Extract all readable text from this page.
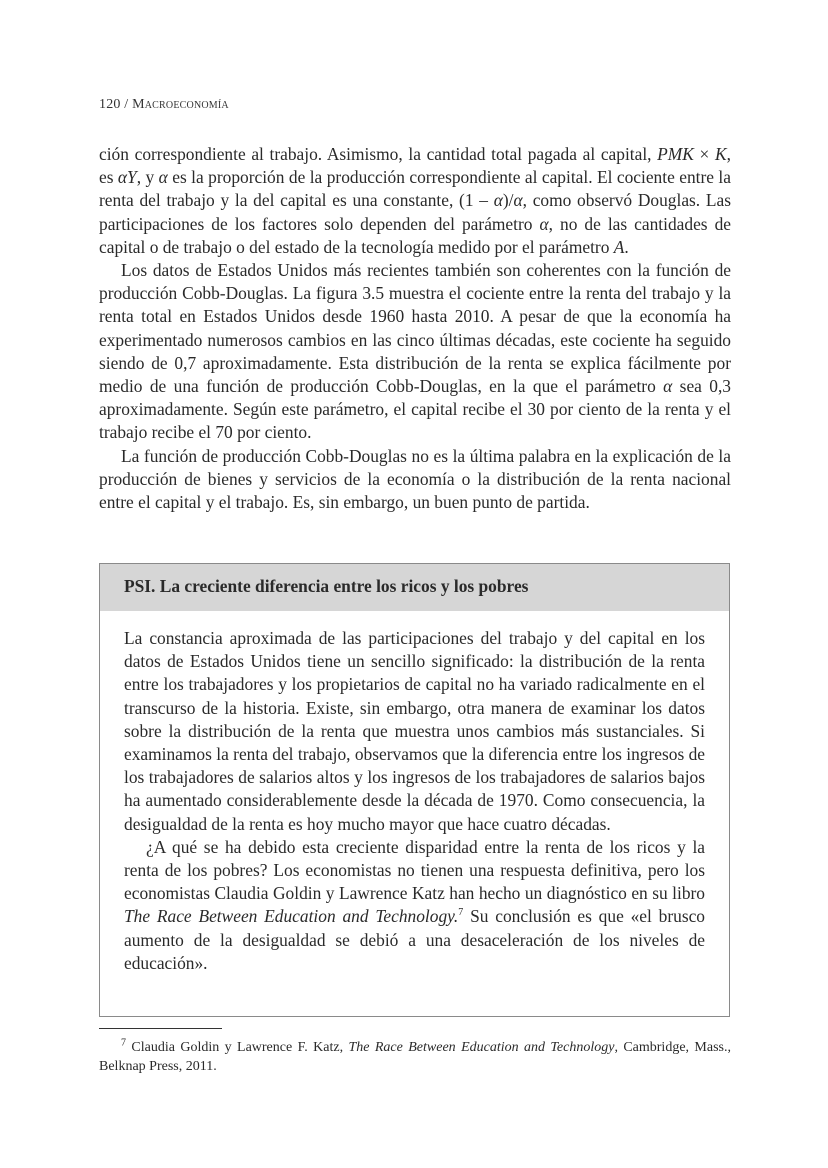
120 / Macroeconomía

ción correspondiente al trabajo. Asimismo, la cantidad total pagada al capital, PMK × K, es αY, y α es la proporción de la producción correspondiente al capital. El cociente entre la renta del trabajo y la del capital es una constante, (1 – α)/α, como observó Douglas. Las participaciones de los factores solo dependen del parámetro α, no de las cantidades de capital o de trabajo o del estado de la tecnología medido por el parámetro A.

Los datos de Estados Unidos más recientes también son coherentes con la función de producción Cobb-Douglas. La figura 3.5 muestra el cociente entre la renta del trabajo y la renta total en Estados Unidos desde 1960 hasta 2010. A pesar de que la economía ha experimentado numerosos cambios en las cinco últimas décadas, este cociente ha seguido siendo de 0,7 aproximadamente. Esta distribución de la renta se explica fácilmente por medio de una función de producción Cobb-Douglas, en la que el parámetro α sea 0,3 aproximadamente. Según este parámetro, el capital recibe el 30 por ciento de la renta y el trabajo recibe el 70 por ciento.

La función de producción Cobb-Douglas no es la última palabra en la explicación de la producción de bienes y servicios de la economía o la distribución de la renta nacional entre el capital y el trabajo. Es, sin embargo, un buen punto de partida.

PSI. La creciente diferencia entre los ricos y los pobres

La constancia aproximada de las participaciones del trabajo y del capital en los datos de Estados Unidos tiene un sencillo significado: la distribución de la renta entre los trabajadores y los propietarios de capital no ha variado radicalmente en el transcurso de la historia. Existe, sin embargo, otra manera de examinar los datos sobre la distribución de la renta que muestra unos cambios más sustanciales. Si examinamos la renta del trabajo, observamos que la diferencia entre los ingresos de los trabajadores de salarios altos y los ingresos de los trabajadores de salarios bajos ha aumentado considerablemente desde la década de 1970. Como consecuencia, la desigualdad de la renta es hoy mucho mayor que hace cuatro décadas.

¿A qué se ha debido esta creciente disparidad entre la renta de los ricos y la renta de los pobres? Los economistas no tienen una respuesta definitiva, pero los economistas Claudia Goldin y Lawrence Katz han hecho un diagnóstico en su libro The Race Between Education and Technology.$^7$ Su conclusión es que «el brusco aumento de la desigualdad se debió a una desaceleración de los niveles de educación».

$^7$ Claudia Goldin y Lawrence F. Katz, The Race Between Education and Technology, Cambridge, Mass., Belknap Press, 2011.
